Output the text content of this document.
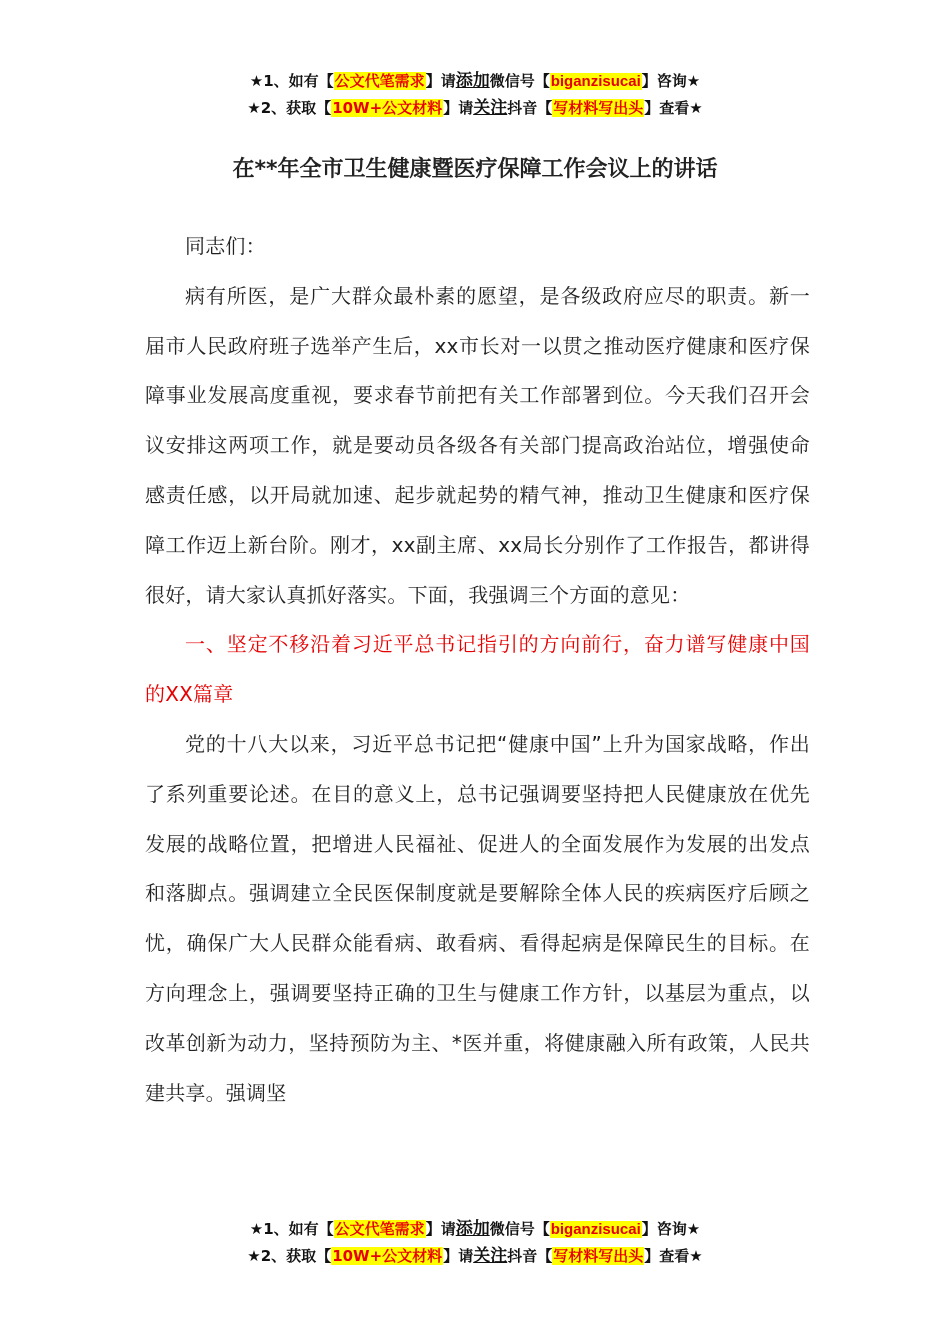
★1、如有【公文代笔需求】请添加微信号【biganzisucai】咨询★
★2、获取【10W+公文材料】请关注抖音【写材料写出头】查看★
在**年全市卫生健康暨医疗保障工作会议上的讲话

同志们：

病有所医，是广大群众最朴素的愿望，是各级政府应尽的职责。新一届市人民政府班子选举产生后，xx市长对一以贯之推动医疗健康和医疗保障事业发展高度重视，要求春节前把有关工作部署到位。今天我们召开会议安排这两项工作，就是要动员各级各有关部门提高政治站位，增强使命感责任感，以开局就加速、起步就起势的精气神，推动卫生健康和医疗保障工作迈上新台阶。刚才，xx副主席、xx局长分别作了工作报告，都讲得很好，请大家认真抓好落实。下面，我强调三个方面的意见：

一、坚定不移沿着习近平总书记指引的方向前行，奋力谱写健康中国的XX篇章

党的十八大以来，习近平总书记把“健康中国”上升为国家战略，作出了系列重要论述。在目的意义上，总书记强调要坚持把人民健康放在优先发展的战略位置，把增进人民福祉、促进人的全面发展作为发展的出发点和落脚点。强调建立全民医保制度就是要解除全体人民的疾病医疗后顾之忧，确保广大人民群众能看病、敢看病、看得起病是保障民生的目标。在方向理念上，强调要坚持正确的卫生与健康工作方针，以基层为重点，以改革创新为动力，坚持预防为主、*医并重，将健康融入所有政策，人民共建共享。强调坚

★1、如有【公文代笔需求】请添加微信号【biganzisucai】咨询★
★2、获取【10W+公文材料】请关注抖音【写材料写出头】查看★
